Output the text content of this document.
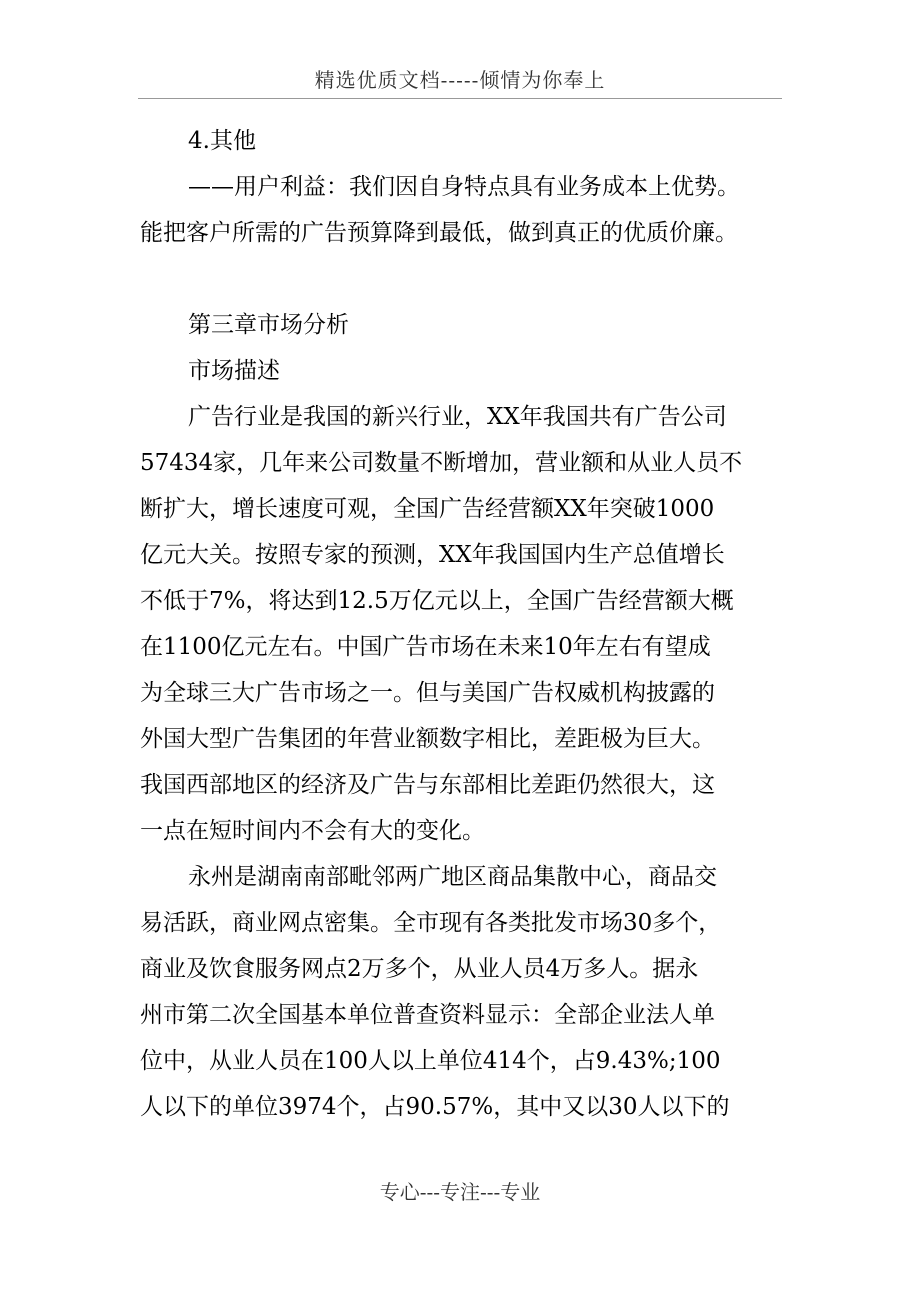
精选优质文档-----倾情为你奉上
4.其他
——用户利益：我们因自身特点具有业务成本上优势。
能把客户所需的广告预算降到最低，做到真正的优质价廉。
第三章市场分析
市场描述
广告行业是我国的新兴行业，XX年我国共有广告公司
57434家，几年来公司数量不断增加，营业额和从业人员不
断扩大，增长速度可观，全国广告经营额XX年突破1000
亿元大关。按照专家的预测，XX年我国国内生产总值增长
不低于7%，将达到12.5万亿元以上，全国广告经营额大概
在1100亿元左右。中国广告市场在未来10年左右有望成
为全球三大广告市场之一。但与美国广告权威机构披露的
外国大型广告集团的年营业额数字相比，差距极为巨大。
我国西部地区的经济及广告与东部相比差距仍然很大，这
一点在短时间内不会有大的变化。
永州是湖南南部毗邻两广地区商品集散中心，商品交
易活跃，商业网点密集。全市现有各类批发市场30多个，
商业及饮食服务网点2万多个，从业人员4万多人。据永
州市第二次全国基本单位普查资料显示：全部企业法人单
位中，从业人员在100人以上单位414个，占9.43%;100
人以下的单位3974个，占90.57%，其中又以30人以下的
专心---专注---专业
